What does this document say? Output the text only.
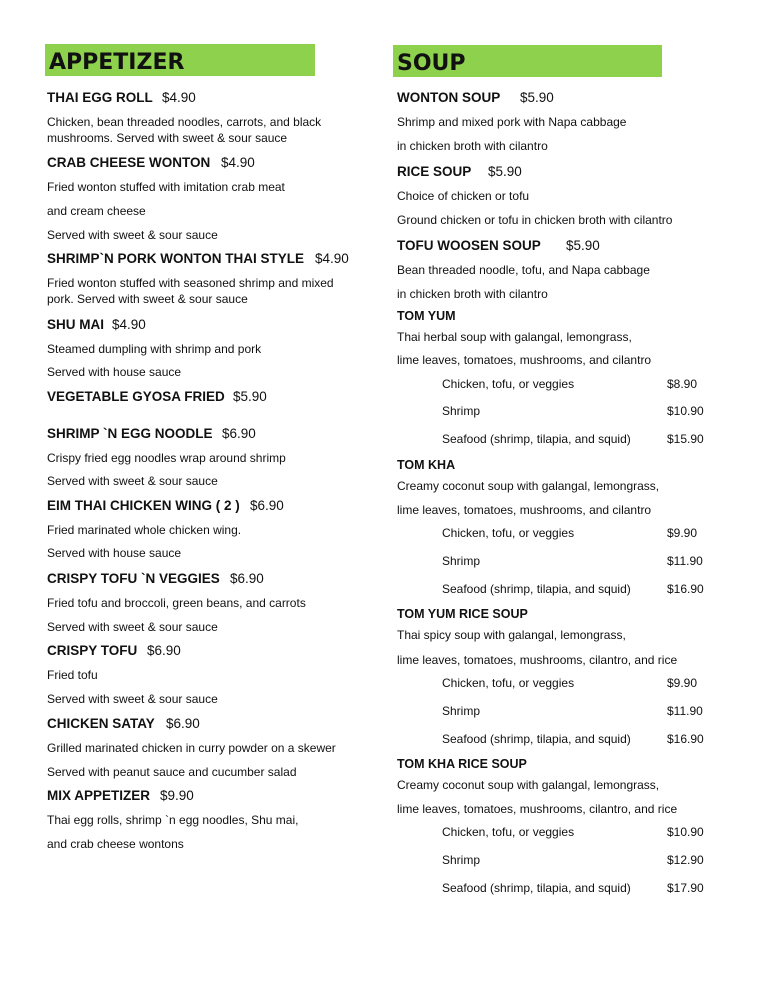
APPETIZER	SOUP
THAI EGG ROLL $4.90
Chicken, bean threaded noodles, carrots, and black
mushrooms. Served with sweet & sour sauce
CRAB CHEESE WONTON $4.90
Fried wonton stuffed with imitation crab meat
and cream cheese
Served with sweet & sour sauce
SHRIMP`N PORK WONTON THAI STYLE $4.90
Fried wonton stuffed with seasoned shrimp and mixed
pork. Served with sweet & sour sauce
SHU MAI $4.90
Steamed dumpling with shrimp and pork
Served with house sauce
VEGETABLE GYOSA FRIED $5.90
SHRIMP `N EGG NOODLE $6.90
Crispy fried egg noodles wrap around shrimp
Served with sweet & sour sauce
EIM THAI CHICKEN WING ( 2 ) $6.90
Fried marinated whole chicken wing.
Served with house sauce
CRISPY TOFU `N VEGGIES $6.90
Fried tofu and broccoli, green beans, and carrots
Served with sweet & sour sauce
CRISPY TOFU $6.90
Fried tofu
Served with sweet & sour sauce
CHICKEN SATAY $6.90
Grilled marinated chicken in curry powder on a skewer
Served with peanut sauce and cucumber salad
MIX APPETIZER $9.90
Thai egg rolls, shrimp `n egg noodles, Shu mai,
and crab cheese wontons
WONTON SOUP $5.90
Shrimp and mixed pork with Napa cabbage
in chicken broth with cilantro
RICE SOUP $5.90
Choice of chicken or tofu
Ground chicken or tofu in chicken broth with cilantro
TOFU WOOSEN SOUP $5.90
Bean threaded noodle, tofu, and Napa cabbage
in chicken broth with cilantro
TOM YUM
Thai herbal soup with galangal, lemongrass,
lime leaves, tomatoes, mushrooms, and cilantro
Chicken, tofu, or veggies	$8.90
Shrimp	$10.90
Seafood (shrimp, tilapia, and squid)	$15.90
TOM KHA
Creamy coconut soup with galangal, lemongrass,
lime leaves, tomatoes, mushrooms, and cilantro
Chicken, tofu, or veggies	$9.90
Shrimp	$11.90
Seafood (shrimp, tilapia, and squid)	$16.90
TOM YUM RICE SOUP
Thai spicy soup with galangal, lemongrass,
lime leaves, tomatoes, mushrooms, cilantro, and rice
Chicken, tofu, or veggies	$9.90
Shrimp	$11.90
Seafood (shrimp, tilapia, and squid)	$16.90
TOM KHA RICE SOUP
Creamy coconut soup with galangal, lemongrass,
lime leaves, tomatoes, mushrooms, cilantro, and rice
Chicken, tofu, or veggies	$10.90
Shrimp	$12.90
Seafood (shrimp, tilapia, and squid)	$17.90
